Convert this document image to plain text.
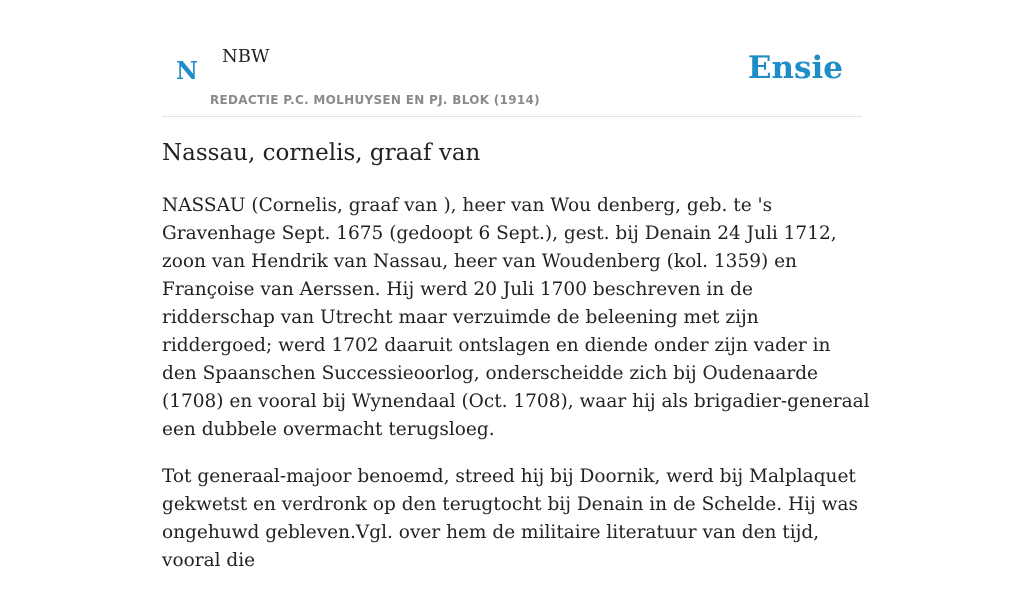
N NBW
REDACTIE P.C. MOLHUYSEN EN PJ. BLOK (1914)
Ensie
Nassau, cornelis, graaf van

NASSAU (Cornelis, graaf van ), heer van Wou denberg, geb. te 's Gravenhage Sept. 1675 (gedoopt 6 Sept.), gest. bij Denain 24 Juli 1712, zoon van Hendrik van Nassau, heer van Woudenberg (kol. 1359) en Françoise van Aerssen. Hij werd 20 Juli 1700 beschreven in de ridderschap van Utrecht maar verzuimde de beleening met zijn riddergoed; werd 1702 daaruit ontslagen en diende onder zijn vader in den Spaanschen Successieoorlog, onderscheidde zich bij Oudenaarde (1708) en vooral bij Wynendaal (Oct. 1708), waar hij als brigadier-generaal een dubbele overmacht terugsloeg.

Tot generaal-majoor benoemd, streed hij bij Doornik, werd bij Malplaquet gekwetst en verdronk op den terugtocht bij Denain in de Schelde. Hij was ongehuwd gebleven.Vgl. over hem de militaire literatuur van den tijd, vooral die
